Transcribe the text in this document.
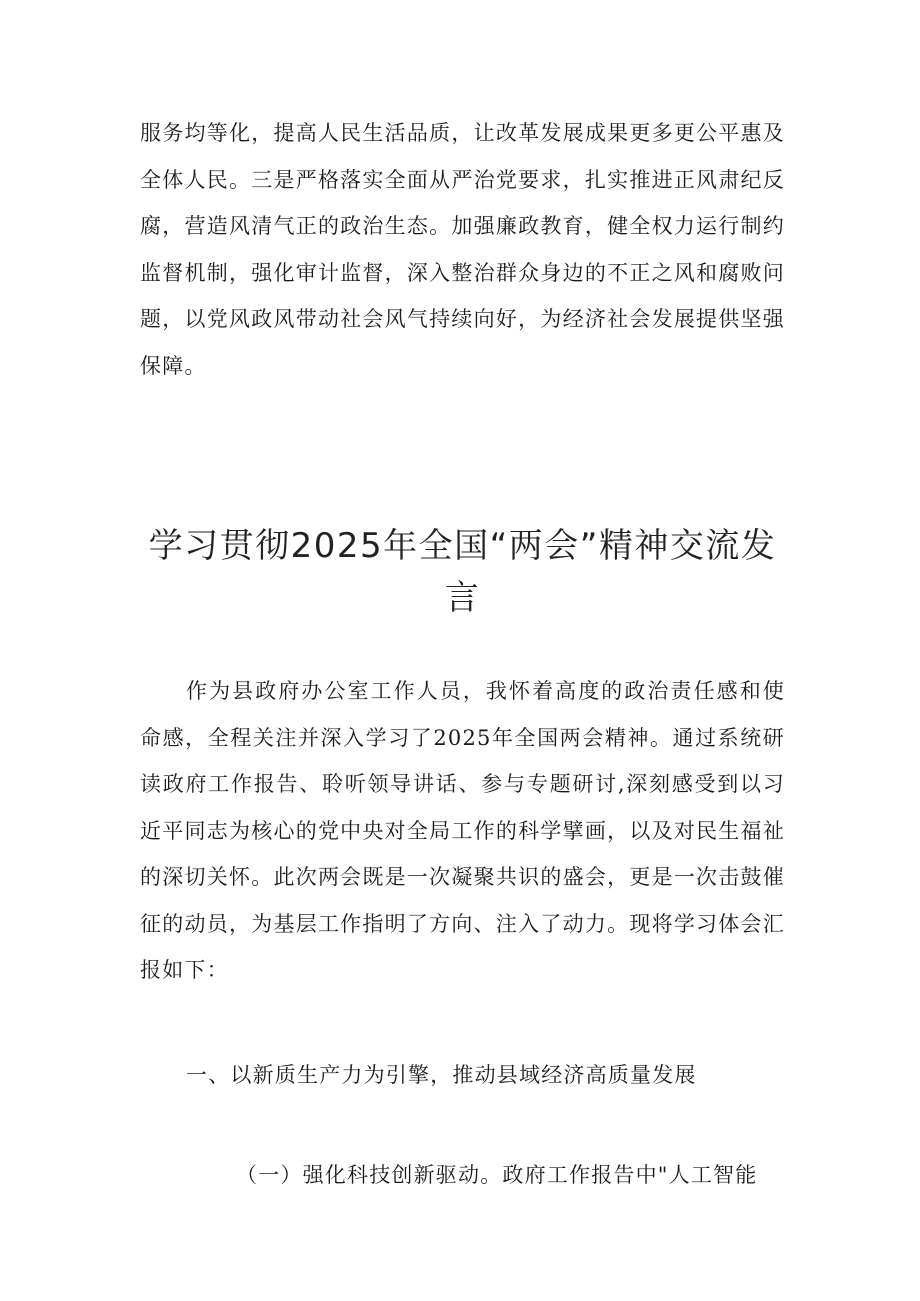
服务均等化，提高人民生活品质，让改革发展成果更多更公平惠及全体人民。三是严格落实全面从严治党要求，扎实推进正风肃纪反腐，营造风清气正的政治生态。加强廉政教育，健全权力运行制约监督机制，强化审计监督，深入整治群众身边的不正之风和腐败问题，以党风政风带动社会风气持续向好，为经济社会发展提供坚强保障。

学习贯彻2025年全国“两会”精神交流发言

作为县政府办公室工作人员，我怀着高度的政治责任感和使命感，全程关注并深入学习了2025年全国两会精神。通过系统研读政府工作报告、聆听领导讲话、参与专题研讨,深刻感受到以习近平同志为核心的党中央对全局工作的科学擘画，以及对民生福祉的深切关怀。此次两会既是一次凝聚共识的盛会，更是一次击鼓催征的动员，为基层工作指明了方向、注入了动力。现将学习体会汇报如下：

一、以新质生产力为引擎，推动县域经济高质量发展

（一）强化科技创新驱动。政府工作报告中"人工智能
